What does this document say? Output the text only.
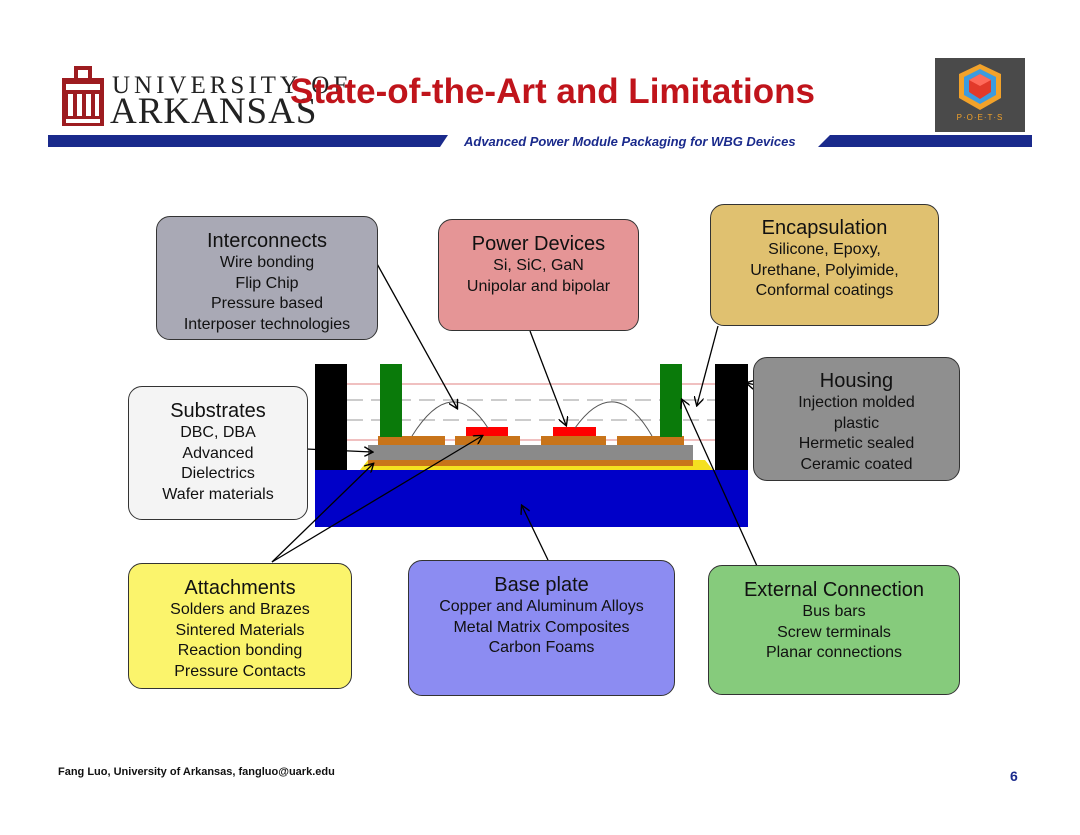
UNIVERSITY OF
ARKANSAS
State-of-the-Art and Limitations
P·O·E·T·S
Advanced Power Module Packaging for WBG Devices
Interconnects
Wire bonding
Flip Chip
Pressure based
Interposer technologies
Power Devices
Si, SiC, GaN
Unipolar and bipolar
Encapsulation
Silicone, Epoxy,
Urethane, Polyimide,
Conformal coatings
Substrates
DBC, DBA
Advanced
Dielectrics
Wafer materials
Housing
Injection molded
plastic
Hermetic sealed
Ceramic coated
Attachments
Solders and Brazes
Sintered Materials
Reaction bonding
Pressure Contacts
Base plate
Copper and Aluminum Alloys
Metal Matrix Composites
Carbon Foams
External Connection
Bus bars
Screw terminals
Planar connections
Fang Luo, University of Arkansas, fangluo@uark.edu	6
